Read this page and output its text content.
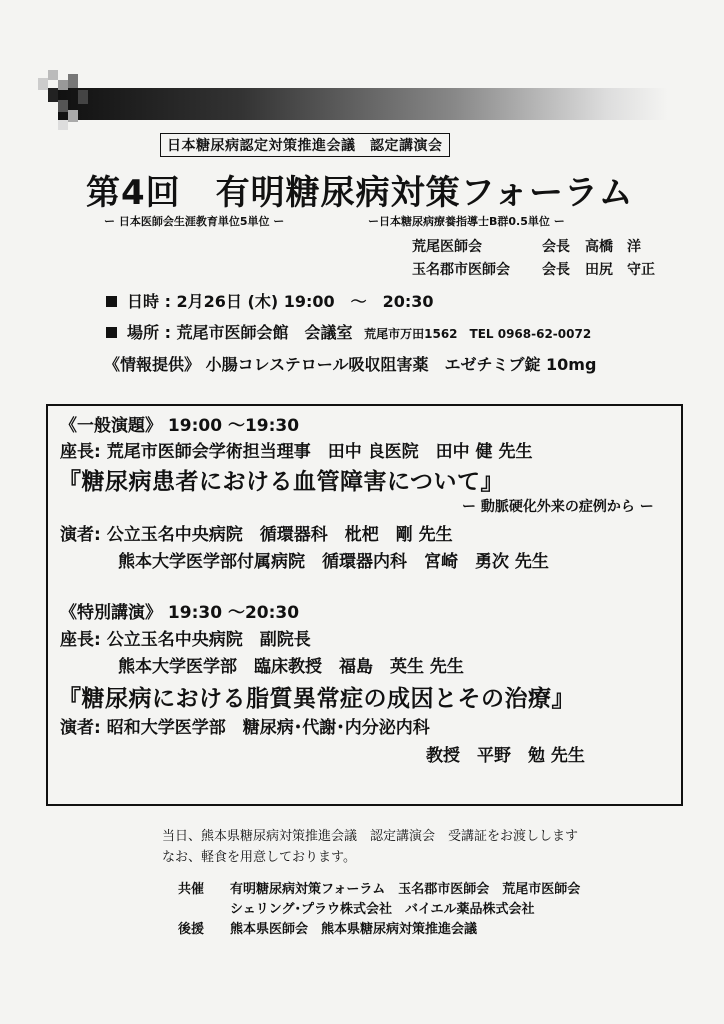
日本糖尿病認定対策推進会議　認定講演会
第4回　有明糖尿病対策フォーラム
ー 日本医師会生涯教育単位5単位 ー	ー日本糖尿病療養指導士B群0.5単位 ー
荒尾医師会	会長 高橋　洋
玉名郡市医師会 会長 田尻　守正
日時 : 2月26日 (木) 19:00　～　20:30
場所 : 荒尾市医師会館　会議室 荒尾市万田1562　TEL 0968-62-0072
《情報提供》 小腸コレステロール吸収阻害薬　エゼチミブ錠 10mg
《一般演題》 19:00 ～19:30
座長: 荒尾市医師会学術担当理事　田中 良医院　田中 健 先生
『糖尿病患者における血管障害について』
ー 動脈硬化外来の症例から ー
演者: 公立玉名中央病院　循環器科　枇杷　剛 先生
熊本大学医学部付属病院　循環器内科　宮崎　勇次 先生
《特別講演》 19:30 ～20:30
座長: 公立玉名中央病院　副院長
熊本大学医学部　臨床教授　福島　英生 先生
『糖尿病における脂質異常症の成因とその治療』
演者: 昭和大学医学部　糖尿病･代謝･内分泌内科
教授　平野　勉 先生
当日、熊本県糖尿病対策推進会議　認定講演会　受講証をお渡しします
なお、軽食を用意しております。
共催 有明糖尿病対策フォーラム　玉名郡市医師会　荒尾市医師会
シェリング･プラウ株式会社　バイエル薬品株式会社
後援 熊本県医師会　熊本県糖尿病対策推進会議
